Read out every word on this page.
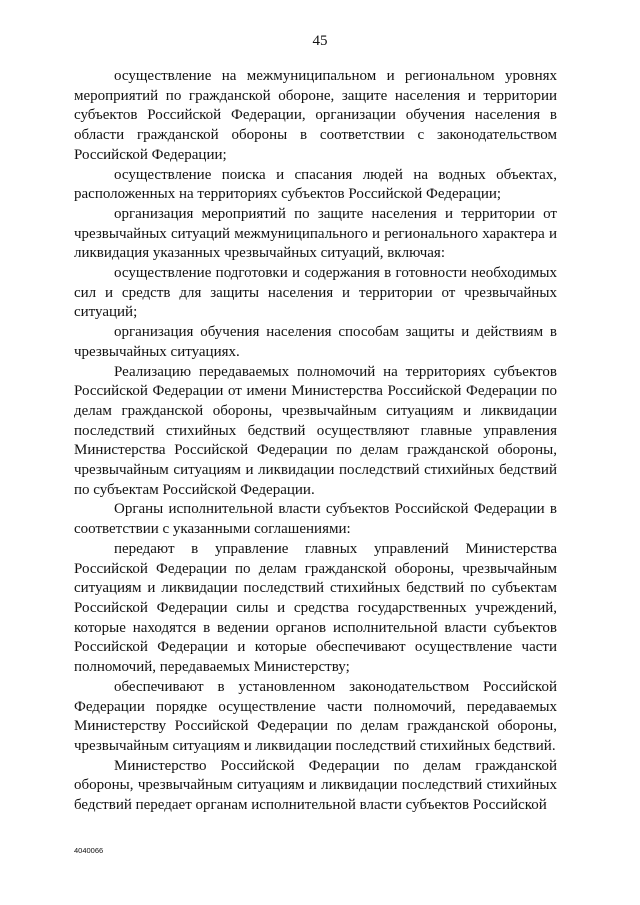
45

осуществление на межмуниципальном и региональном уровнях мероприятий по гражданской обороне, защите населения и территории субъектов Российской Федерации, организации обучения населения в области гражданской обороны в соответствии с законодательством Российской Федерации;

осуществление поиска и спасания людей на водных объектах, расположенных на территориях субъектов Российской Федерации;

организация мероприятий по защите населения и территории от чрезвычайных ситуаций межмуниципального и регионального характера и ликвидация указанных чрезвычайных ситуаций, включая:

осуществление подготовки и содержания в готовности необходимых сил и средств для защиты населения и территории от чрезвычайных ситуаций;

организация обучения населения способам защиты и действиям в чрезвычайных ситуациях.

Реализацию передаваемых полномочий на территориях субъектов Российской Федерации от имени Министерства Российской Федерации по делам гражданской обороны, чрезвычайным ситуациям и ликвидации последствий стихийных бедствий осуществляют главные управления Министерства Российской Федерации по делам гражданской обороны, чрезвычайным ситуациям и ликвидации последствий стихийных бедствий по субъектам Российской Федерации.

Органы исполнительной власти субъектов Российской Федерации в соответствии с указанными соглашениями:

передают в управление главных управлений Министерства Российской Федерации по делам гражданской обороны, чрезвычайным ситуациям и ликвидации последствий стихийных бедствий по субъектам Российской Федерации силы и средства государственных учреждений, которые находятся в ведении органов исполнительной власти субъектов Российской Федерации и которые обеспечивают осуществление части полномочий, передаваемых Министерству;

обеспечивают в установленном законодательством Российской Федерации порядке осуществление части полномочий, передаваемых Министерству Российской Федерации по делам гражданской обороны, чрезвычайным ситуациям и ликвидации последствий стихийных бедствий.

Министерство Российской Федерации по делам гражданской обороны, чрезвычайным ситуациям и ликвидации последствий стихийных бедствий передает органам исполнительной власти субъектов Российской

4040066
